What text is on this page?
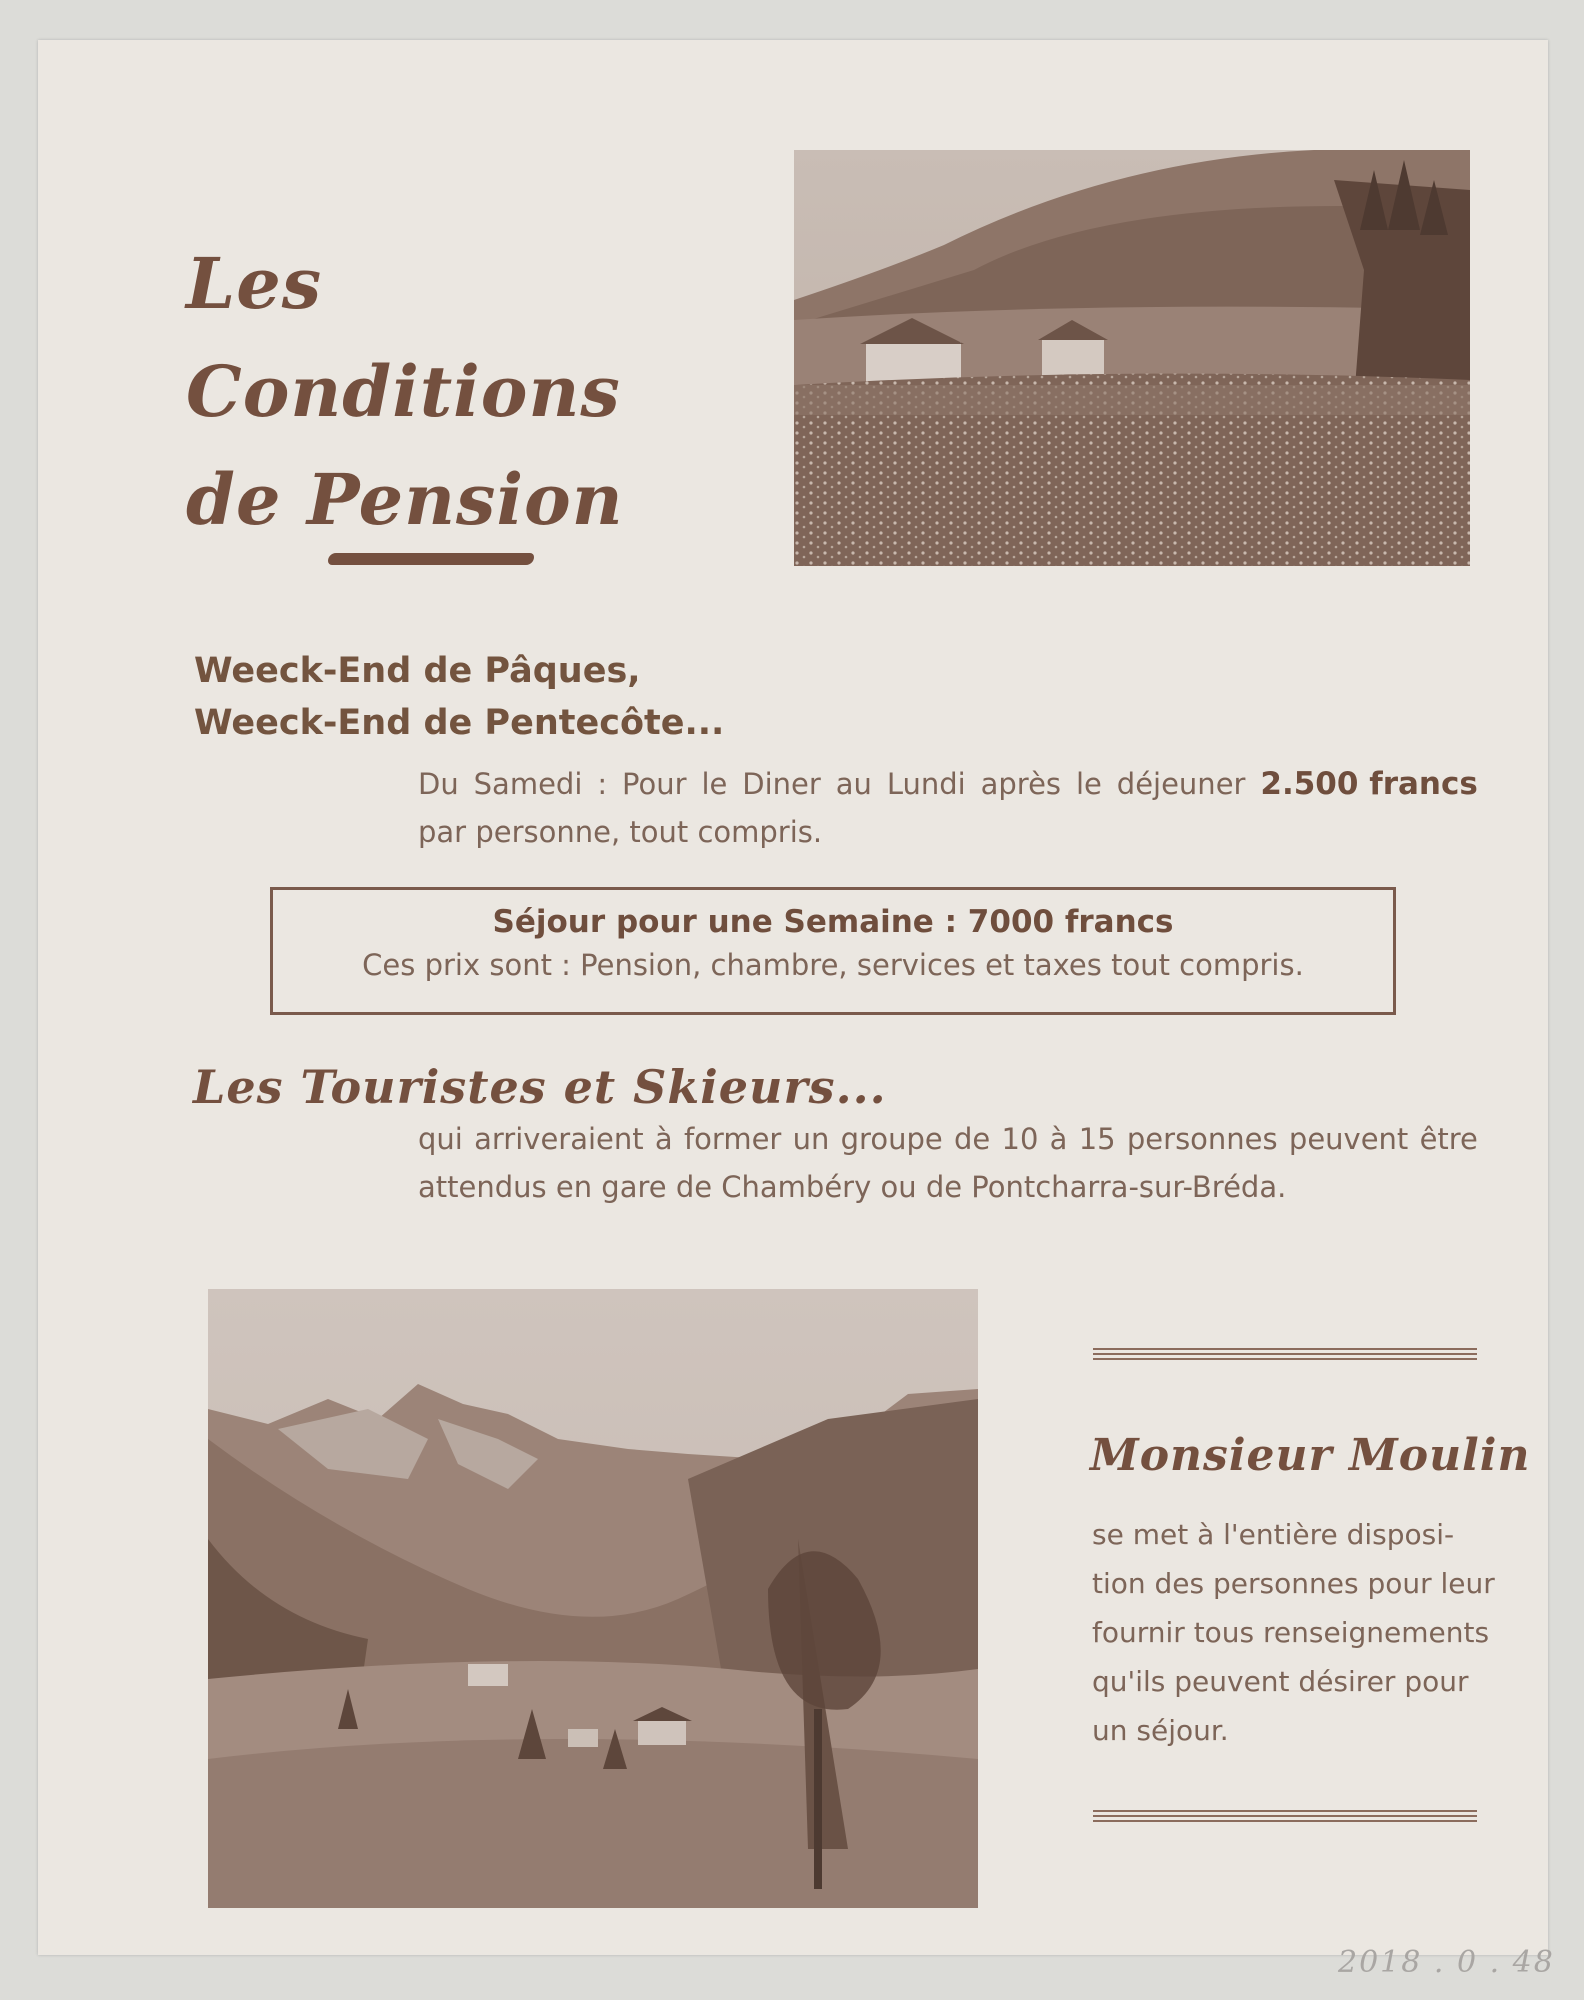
Les
Conditions
de Pension
Weeck-End de Pâques,
Weeck-End de Pentecôte...
Du Samedi : Pour le Diner au Lundi après le déjeuner 2.500 francs
par personne, tout compris.
Séjour pour une Semaine : 7000 francs
Ces prix sont : Pension, chambre, services et taxes tout compris.
Les Touristes et Skieurs...
qui arriveraient à former un groupe de 10 à 15 personnes peuvent être
attendus en gare de Chambéry ou de Pontcharra-sur-Bréda.
Monsieur Moulin
se met à l'entière disposi-
tion des personnes pour leur
fournir tous renseignements
qu'ils peuvent désirer pour
un séjour.
2018 . 0 . 48
